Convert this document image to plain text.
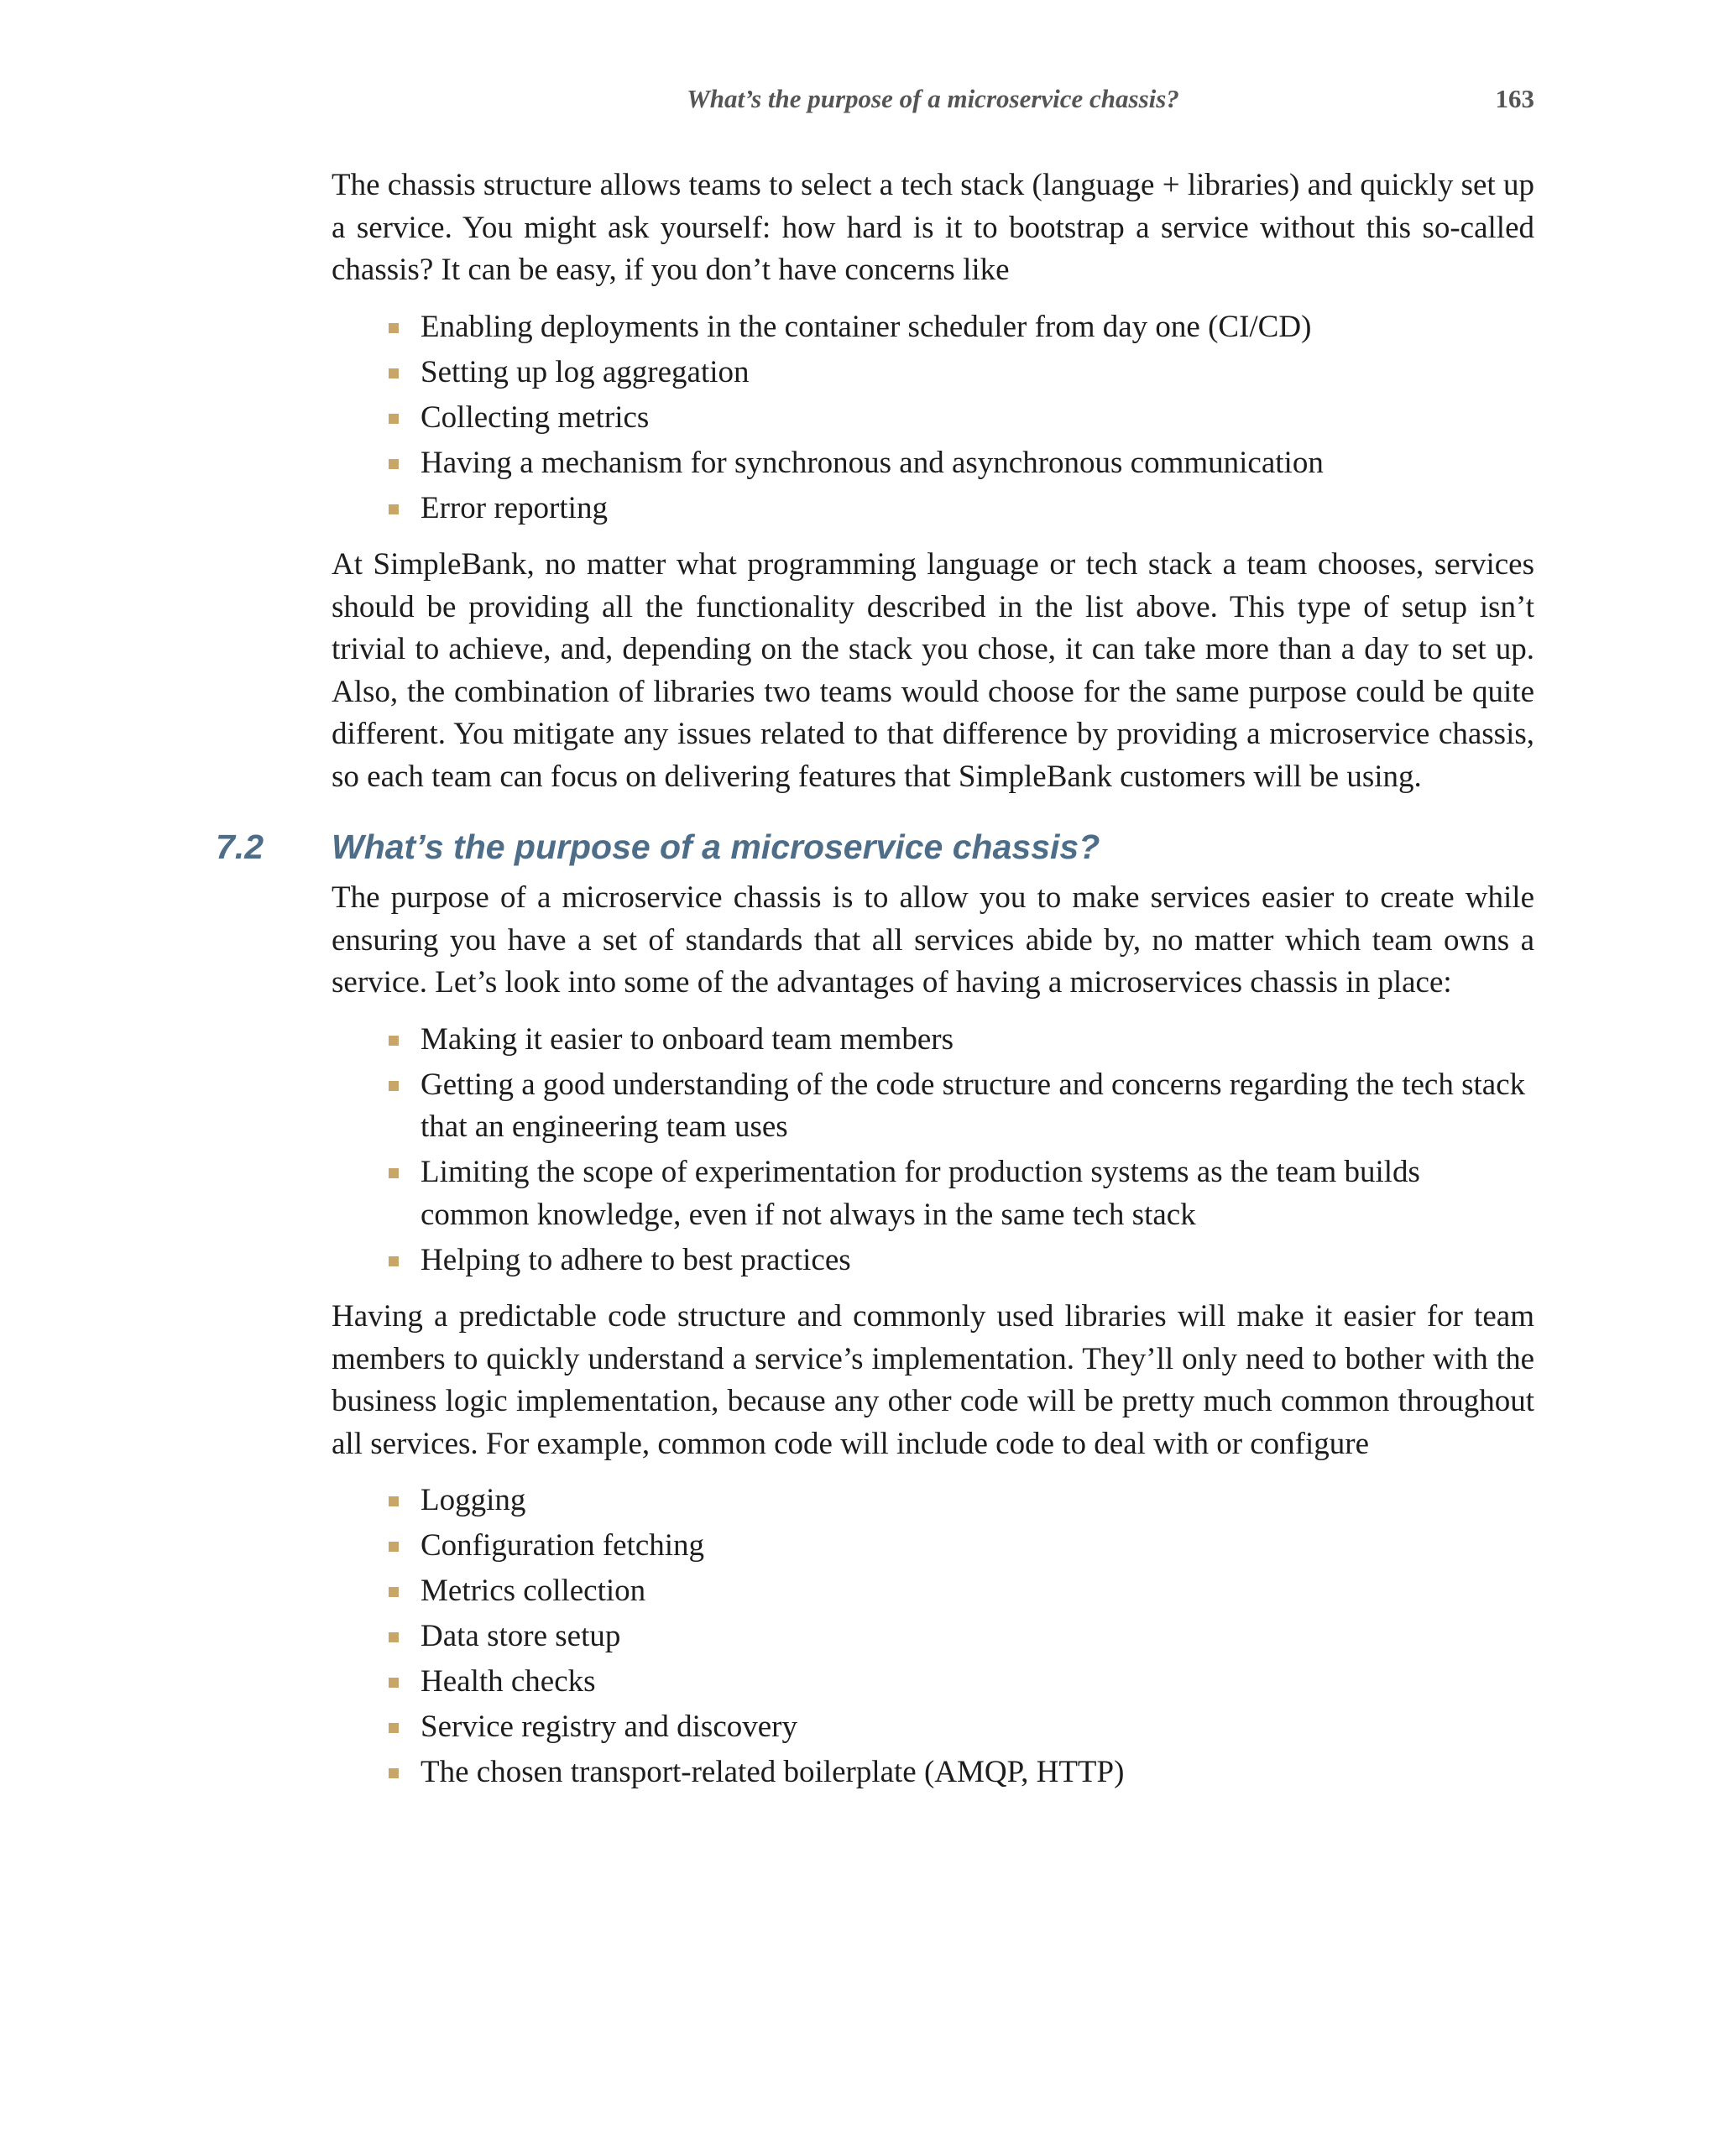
What’s the purpose of a microservice chassis?	163

The chassis structure allows teams to select a tech stack (language + libraries) and quickly set up a service. You might ask yourself: how hard is it to bootstrap a service without this so-called chassis? It can be easy, if you don’t have concerns like

Enabling deployments in the container scheduler from day one (CI/CD)
Setting up log aggregation
Collecting metrics
Having a mechanism for synchronous and asynchronous communication
Error reporting

At SimpleBank, no matter what programming language or tech stack a team chooses, services should be providing all the functionality described in the list above. This type of setup isn’t trivial to achieve, and, depending on the stack you chose, it can take more than a day to set up. Also, the combination of libraries two teams would choose for the same purpose could be quite different. You mitigate any issues related to that difference by providing a microservice chassis, so each team can focus on delivering features that SimpleBank customers will be using.

7.2 What’s the purpose of a microservice chassis?

The purpose of a microservice chassis is to allow you to make services easier to create while ensuring you have a set of standards that all services abide by, no matter which team owns a service. Let’s look into some of the advantages of having a microservices chassis in place:

Making it easier to onboard team members
Getting a good understanding of the code structure and concerns regarding the tech stack that an engineering team uses
Limiting the scope of experimentation for production systems as the team builds common knowledge, even if not always in the same tech stack
Helping to adhere to best practices

Having a predictable code structure and commonly used libraries will make it easier for team members to quickly understand a service’s implementation. They’ll only need to bother with the business logic implementation, because any other code will be pretty much common throughout all services. For example, common code will include code to deal with or configure

Logging
Configuration fetching
Metrics collection
Data store setup
Health checks
Service registry and discovery
The chosen transport-related boilerplate (AMQP, HTTP)
